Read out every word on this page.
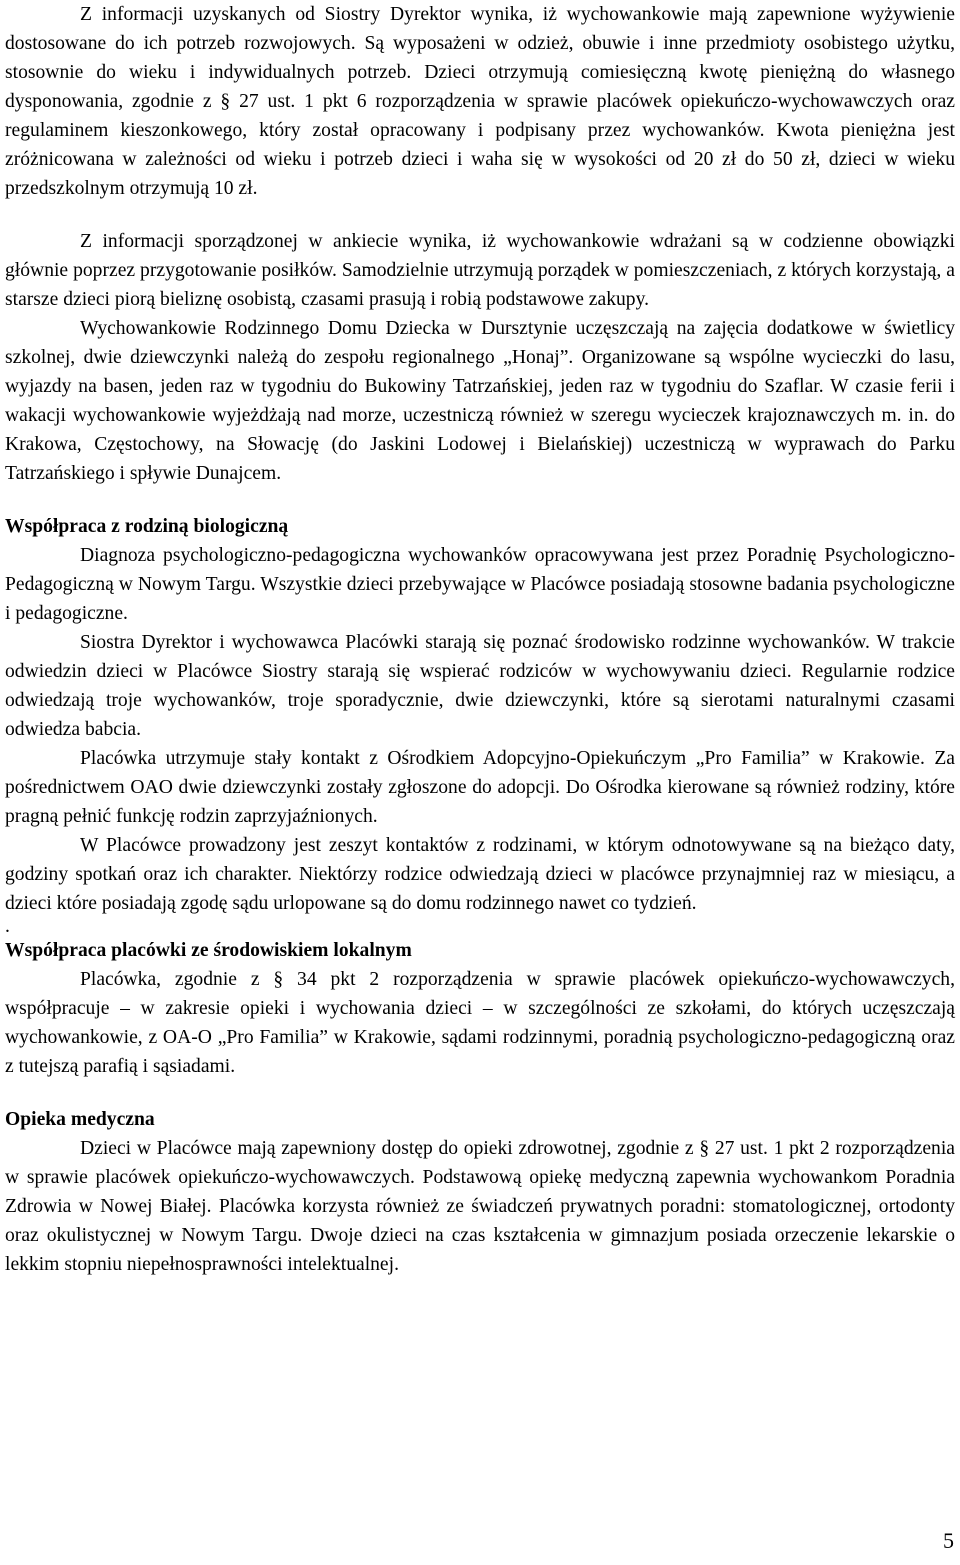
Z informacji uzyskanych od Siostry Dyrektor wynika, iż wychowankowie mają zapewnione wyżywienie dostosowane do ich potrzeb rozwojowych. Są wyposażeni w odzież, obuwie i inne przedmioty osobistego użytku, stosownie do wieku i indywidualnych potrzeb. Dzieci otrzymują comiesięczną kwotę pieniężną do własnego dysponowania, zgodnie z § 27 ust. 1 pkt 6 rozporządzenia w sprawie placówek opiekuńczo-wychowawczych oraz regulaminem kieszonkowego, który został opracowany i podpisany przez wychowanków. Kwota pieniężna jest zróżnicowana w zależności od wieku i potrzeb dzieci i waha się w wysokości od 20 zł do 50 zł, dzieci w wieku przedszkolnym otrzymują 10 zł.

Z informacji sporządzonej w ankiecie wynika, iż wychowankowie wdrażani są w codzienne obowiązki głównie poprzez przygotowanie posiłków. Samodzielnie utrzymują porządek w pomieszczeniach, z których korzystają, a starsze dzieci piorą bieliznę osobistą, czasami prasują i robią podstawowe zakupy.

Wychowankowie Rodzinnego Domu Dziecka w Dursztynie uczęszczają na zajęcia dodatkowe w świetlicy szkolnej, dwie dziewczynki należą do zespołu regionalnego „Honaj”. Organizowane są wspólne wycieczki do lasu, wyjazdy na basen, jeden raz w tygodniu do Bukowiny Tatrzańskiej, jeden raz w tygodniu do Szaflar. W czasie ferii i wakacji wychowankowie wyjeżdżają nad morze, uczestniczą również w szeregu wycieczek krajoznawczych m. in. do Krakowa, Częstochowy, na Słowację (do Jaskini Lodowej i Bielańskiej) uczestniczą w wyprawach do Parku Tatrzańskiego i spływie Dunajcem.

Współpraca z rodziną biologiczną

Diagnoza psychologiczno-pedagogiczna wychowanków opracowywana jest przez Poradnię Psychologiczno-Pedagogiczną w Nowym Targu. Wszystkie dzieci przebywające w Placówce posiadają stosowne badania psychologiczne i pedagogiczne.

Siostra Dyrektor i wychowawca Placówki starają się poznać środowisko rodzinne wychowanków. W trakcie odwiedzin dzieci w Placówce Siostry starają się wspierać rodziców w wychowywaniu dzieci. Regularnie rodzice odwiedzają troje wychowanków, troje sporadycznie, dwie dziewczynki, które są sierotami naturalnymi czasami odwiedza babcia.

Placówka utrzymuje stały kontakt z Ośrodkiem Adopcyjno-Opiekuńczym „Pro Familia” w Krakowie. Za pośrednictwem OAO dwie dziewczynki zostały zgłoszone do adopcji. Do Ośrodka kierowane są również rodziny, które pragną pełnić funkcję rodzin zaprzyjaźnionych.

W Placówce prowadzony jest zeszyt kontaktów z rodzinami, w którym odnotowywane są na bieżąco daty, godziny spotkań oraz ich charakter. Niektórzy rodzice odwiedzają dzieci w placówce przynajmniej raz w miesiącu, a dzieci które posiadają zgodę sądu urlopowane są do domu rodzinnego nawet co tydzień.

.

Współpraca placówki ze środowiskiem lokalnym

Placówka, zgodnie z § 34 pkt 2 rozporządzenia w sprawie placówek opiekuńczo-wychowawczych, współpracuje – w zakresie opieki i wychowania dzieci – w szczególności ze szkołami, do których uczęszczają wychowankowie, z OA-O „Pro Familia” w Krakowie, sądami rodzinnymi, poradnią psychologiczno-pedagogiczną oraz z tutejszą parafią i sąsiadami.

Opieka medyczna

Dzieci w Placówce mają zapewniony dostęp do opieki zdrowotnej, zgodnie z § 27 ust. 1 pkt 2 rozporządzenia w sprawie placówek opiekuńczo-wychowawczych. Podstawową opiekę medyczną zapewnia wychowankom Poradnia Zdrowia w Nowej Białej. Placówka korzysta również ze świadczeń prywatnych poradni: stomatologicznej, ortodonty oraz okulistycznej w Nowym Targu. Dwoje dzieci na czas kształcenia w gimnazjum posiada orzeczenie lekarskie o lekkim stopniu niepełnosprawności intelektualnej.

5
